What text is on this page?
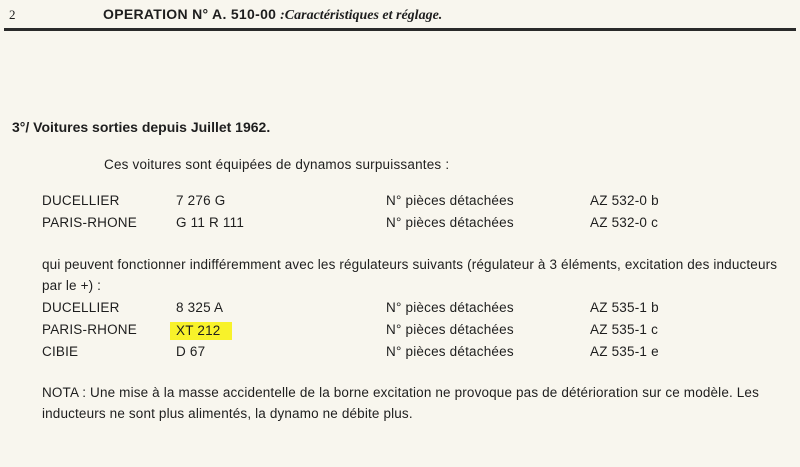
2	OPERATION N° A. 510-00 :Caractéristiques et réglage.
3°/ Voitures sorties depuis Juillet 1962.
Ces voitures sont équipées de dynamos surpuissantes :
DUCELLIER	7 276 G	N° pièces détachées	AZ 532-0 b
PARIS-RHONE	G 11 R 111	N° pièces détachées	AZ 532-0 c
qui peuvent fonctionner indifféremment avec les régulateurs suivants (régulateur à 3 éléments, excitation des inducteurs par le +) :
DUCELLIER	8 325 A	N° pièces détachées	AZ 535-1 b
PARIS-RHONE	XT 212	N° pièces détachées	AZ 535-1 c
CIBIE	D 67	N° pièces détachées	AZ 535-1 e
NOTA : Une mise à la masse accidentelle de la borne excitation ne provoque pas de détérioration sur ce modèle. Les inducteurs ne sont plus alimentés, la dynamo ne débite plus.
